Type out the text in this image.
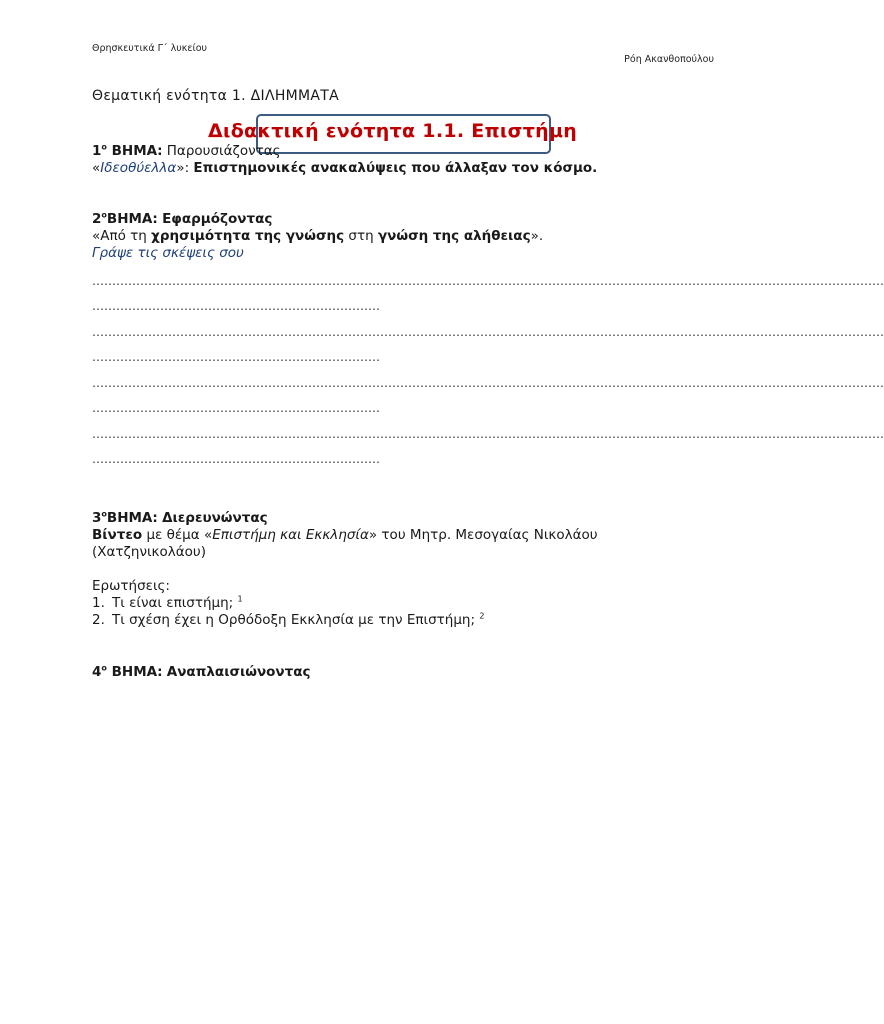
Θρησκευτικά Γ΄ λυκείου
Ρόη Ακανθοπούλου
Θεματική ενότητα 1. ΔΙΛΗΜΜΑΤΑ
Διδακτική ενότητα 1.1. Επιστήμη
$1^o$ ΒΗΜΑ: Παρουσιάζοντας
«Ιδεοθύελλα»: Επιστημονικές ανακαλύψεις που άλλαξαν τον κόσμο.
$2^oBHMA$: Εφαρμόζοντας
«Από τη χρησιμότητα της γνώσης στη γνώση της αλήθειας».
Γράψε τις σκέψεις σου
………………………………………………………………………………………………………………………………………………………………………………
………………………………………………………………
………………………………………………………………………………………………………………………………………………………………………………
………………………………………………………………
………………………………………………………………………………………………………………………………………………………………………………
………………………………………………………………
………………………………………………………………………………………………………………………………………………………………………………
………………………………………………………………
$3^oBHMA$: Διερευνώντας
Βίντεο με θέμα «Επιστήμη και Εκκλησία» του Μητρ. Μεσογαίας Νικολάου
(Χατζηνικολάου)
Ερωτήσεις:
1. Τι είναι επιστήμη; $^1$
2. Τι σχέση έχει η Ορθόδοξη Εκκλησία με την Επιστήμη; $^2$
$4^o$ ΒΗΜΑ: Αναπλαισιώνοντας
